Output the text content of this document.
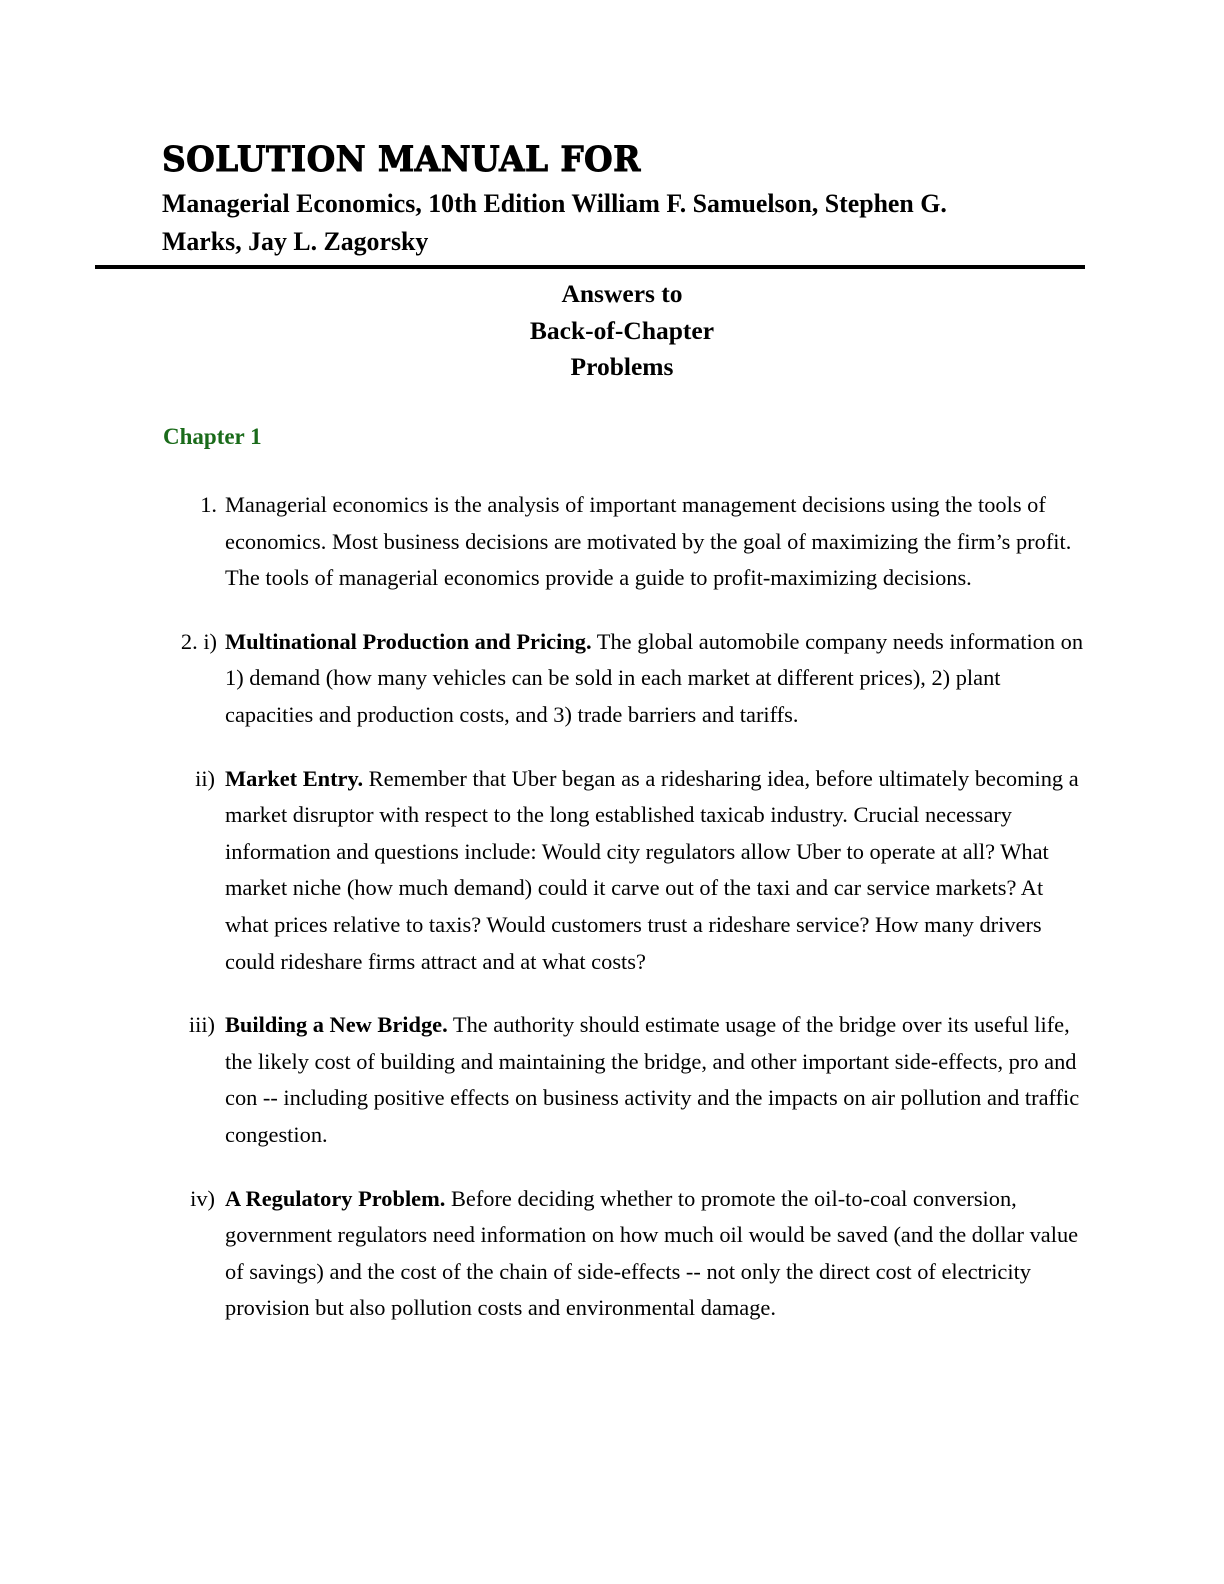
SOLUTION MANUAL FOR
Managerial Economics, 10th Edition William F. Samuelson, Stephen G. Marks, Jay L. Zagorsky
Answers to
Back-of-Chapter
Problems
Chapter 1
1. Managerial economics is the analysis of important management decisions using the tools of economics. Most business decisions are motivated by the goal of maximizing the firm’s profit. The tools of managerial economics provide a guide to profit-maximizing decisions.
2. i) Multinational Production and Pricing. The global automobile company needs information on 1) demand (how many vehicles can be sold in each market at different prices), 2) plant capacities and production costs, and 3) trade barriers and tariffs.
ii) Market Entry. Remember that Uber began as a ridesharing idea, before ultimately becoming a market disruptor with respect to the long established taxicab industry. Crucial necessary information and questions include: Would city regulators allow Uber to operate at all? What market niche (how much demand) could it carve out of the taxi and car service markets? At what prices relative to taxis? Would customers trust a rideshare service? How many drivers could rideshare firms attract and at what costs?
iii) Building a New Bridge. The authority should estimate usage of the bridge over its useful life, the likely cost of building and maintaining the bridge, and other important side-effects, pro and con -- including positive effects on business activity and the impacts on air pollution and traffic congestion.
iv) A Regulatory Problem. Before deciding whether to promote the oil-to-coal conversion, government regulators need information on how much oil would be saved (and the dollar value of savings) and the cost of the chain of side-effects -- not only the direct cost of electricity provision but also pollution costs and environmental damage.
